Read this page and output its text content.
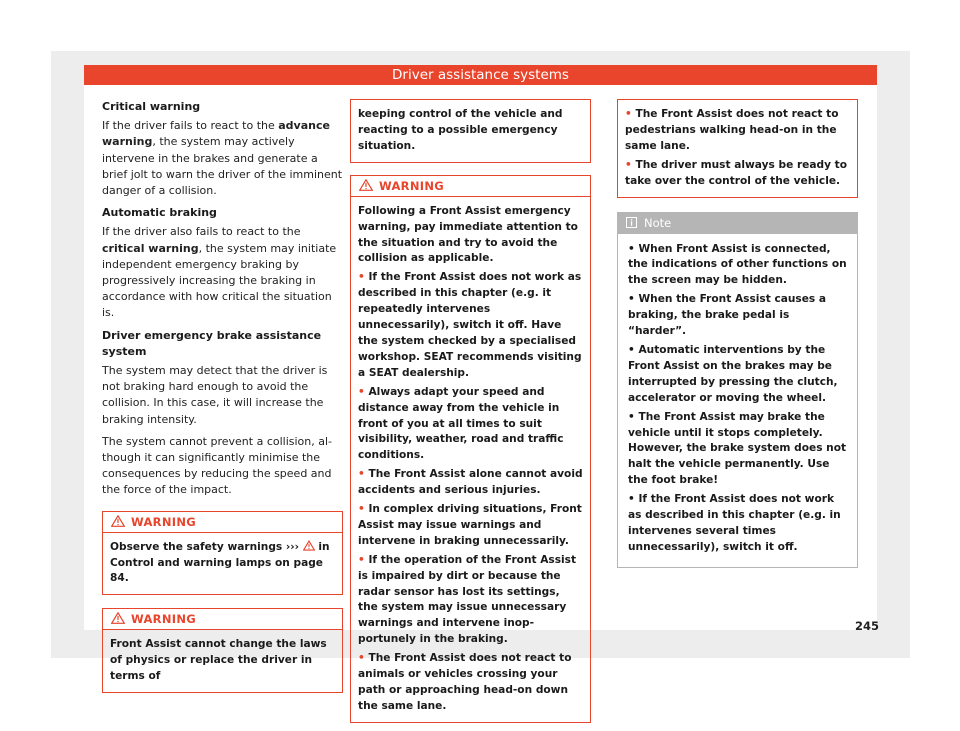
Driver assistance systems
Critical warning

If the driver fails to react to the advance warning, the system may actively intervene in the brakes and generate a brief jolt to warn the driver of the imminent danger of a collision.

Automatic braking

If the driver also fails to react to the critical warning, the system may initiate independent emergency braking by progressively increasing the braking in accordance with how critical the situation is.

Driver emergency brake assistance system

The system may detect that the driver is not braking hard enough to avoid the collision. In this case, it will increase the braking intensity.

The system cannot prevent a collision, although it can significantly minimise the consequences by reducing the speed and the force of the impact.

WARNING
Observe the safety warnings ›››  in Control and warning lamps on page 84.
WARNING
Front Assist cannot change the laws of physics or replace the driver in terms of
keeping control of the vehicle and reacting to a possible emergency situation.
WARNING

Following a Front Assist emergency warning, pay immediate attention to the situation and try to avoid the collision as applicable.

• If the Front Assist does not work as described in this chapter (e.g. it repeatedly intervenes unnecessarily), switch it off. Have the system checked by a specialised workshop. SEAT recommends visiting a SEAT dealership.

• Always adapt your speed and distance away from the vehicle in front of you at all times to suit visibility, weather, road and traffic conditions.

• The Front Assist alone cannot avoid accidents and serious injuries.

• In complex driving situations, Front Assist may issue warnings and intervene in braking unnecessarily.

• If the operation of the Front Assist is impaired by dirt or because the radar sensor has lost its settings, the system may issue unnecessary warnings and intervene inopportunely in the braking.

• The Front Assist does not react to animals or vehicles crossing your path or approaching head-on down the same lane.

• The Front Assist does not react to pedestrians walking head-on in the same lane.

• The driver must always be ready to take over the control of the vehicle.

Note

• When Front Assist is connected, the indications of other functions on the screen may be hidden.

• When the Front Assist causes a braking, the brake pedal is “harder”.

• Automatic interventions by the Front Assist on the brakes may be interrupted by pressing the clutch, accelerator or moving the wheel.

• The Front Assist may brake the vehicle until it stops completely. However, the brake system does not halt the vehicle permanently. Use the foot brake!

• If the Front Assist does not work as described in this chapter (e.g. in intervenes several times unnecessarily), switch it off.

245
